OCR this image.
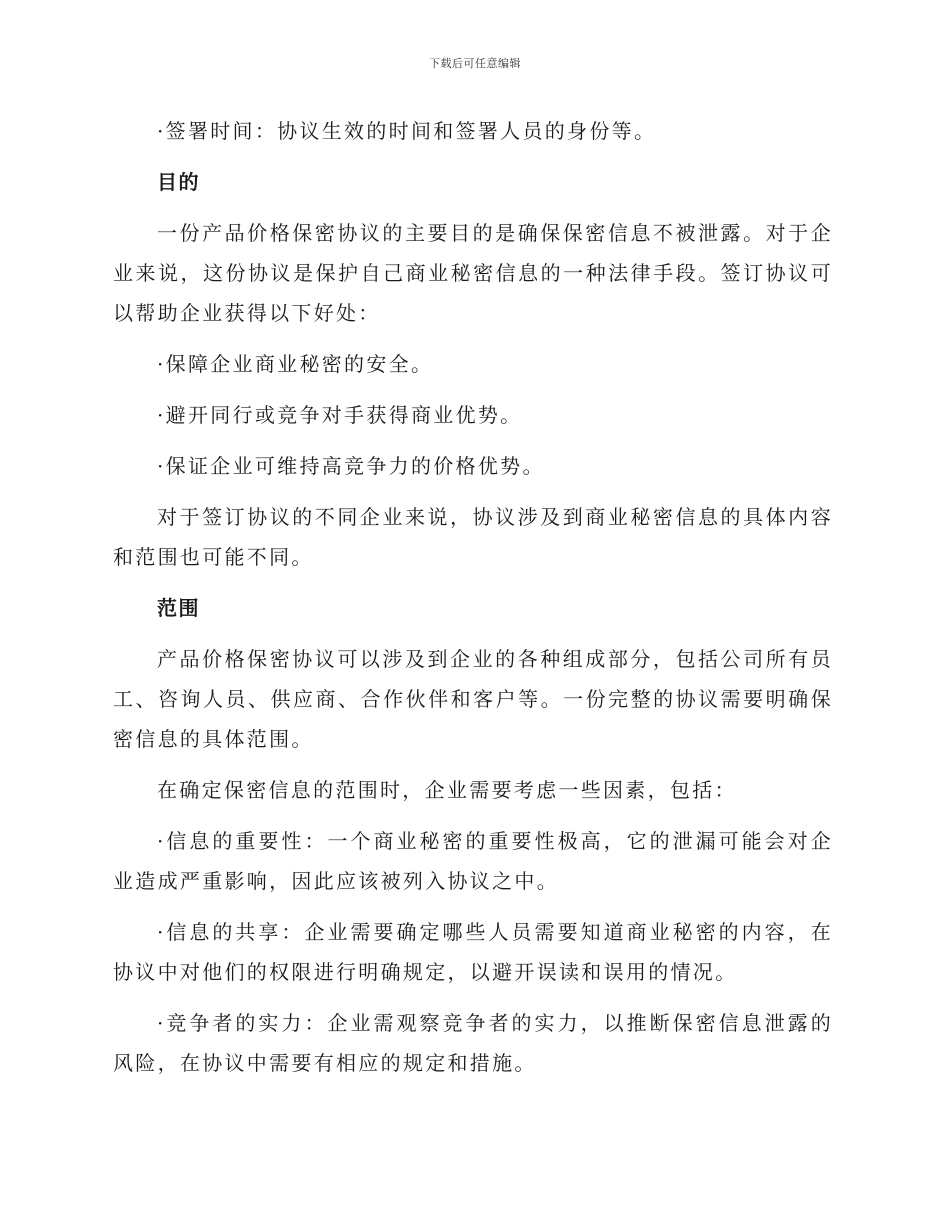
下载后可任意编辑

·签署时间：协议生效的时间和签署人员的身份等。

目的

一份产品价格保密协议的主要目的是确保保密信息不被泄露。对于企业来说，这份协议是保护自己商业秘密信息的一种法律手段。签订协议可以帮助企业获得以下好处：

·保障企业商业秘密的安全。

·避开同行或竞争对手获得商业优势。

·保证企业可维持高竞争力的价格优势。

对于签订协议的不同企业来说，协议涉及到商业秘密信息的具体内容和范围也可能不同。

范围

产品价格保密协议可以涉及到企业的各种组成部分，包括公司所有员工、咨询人员、供应商、合作伙伴和客户等。一份完整的协议需要明确保密信息的具体范围。

在确定保密信息的范围时，企业需要考虑一些因素，包括：

·信息的重要性：一个商业秘密的重要性极高，它的泄漏可能会对企业造成严重影响，因此应该被列入协议之中。

·信息的共享：企业需要确定哪些人员需要知道商业秘密的内容，在协议中对他们的权限进行明确规定，以避开误读和误用的情况。

·竞争者的实力：企业需观察竞争者的实力，以推断保密信息泄露的风险，在协议中需要有相应的规定和措施。
